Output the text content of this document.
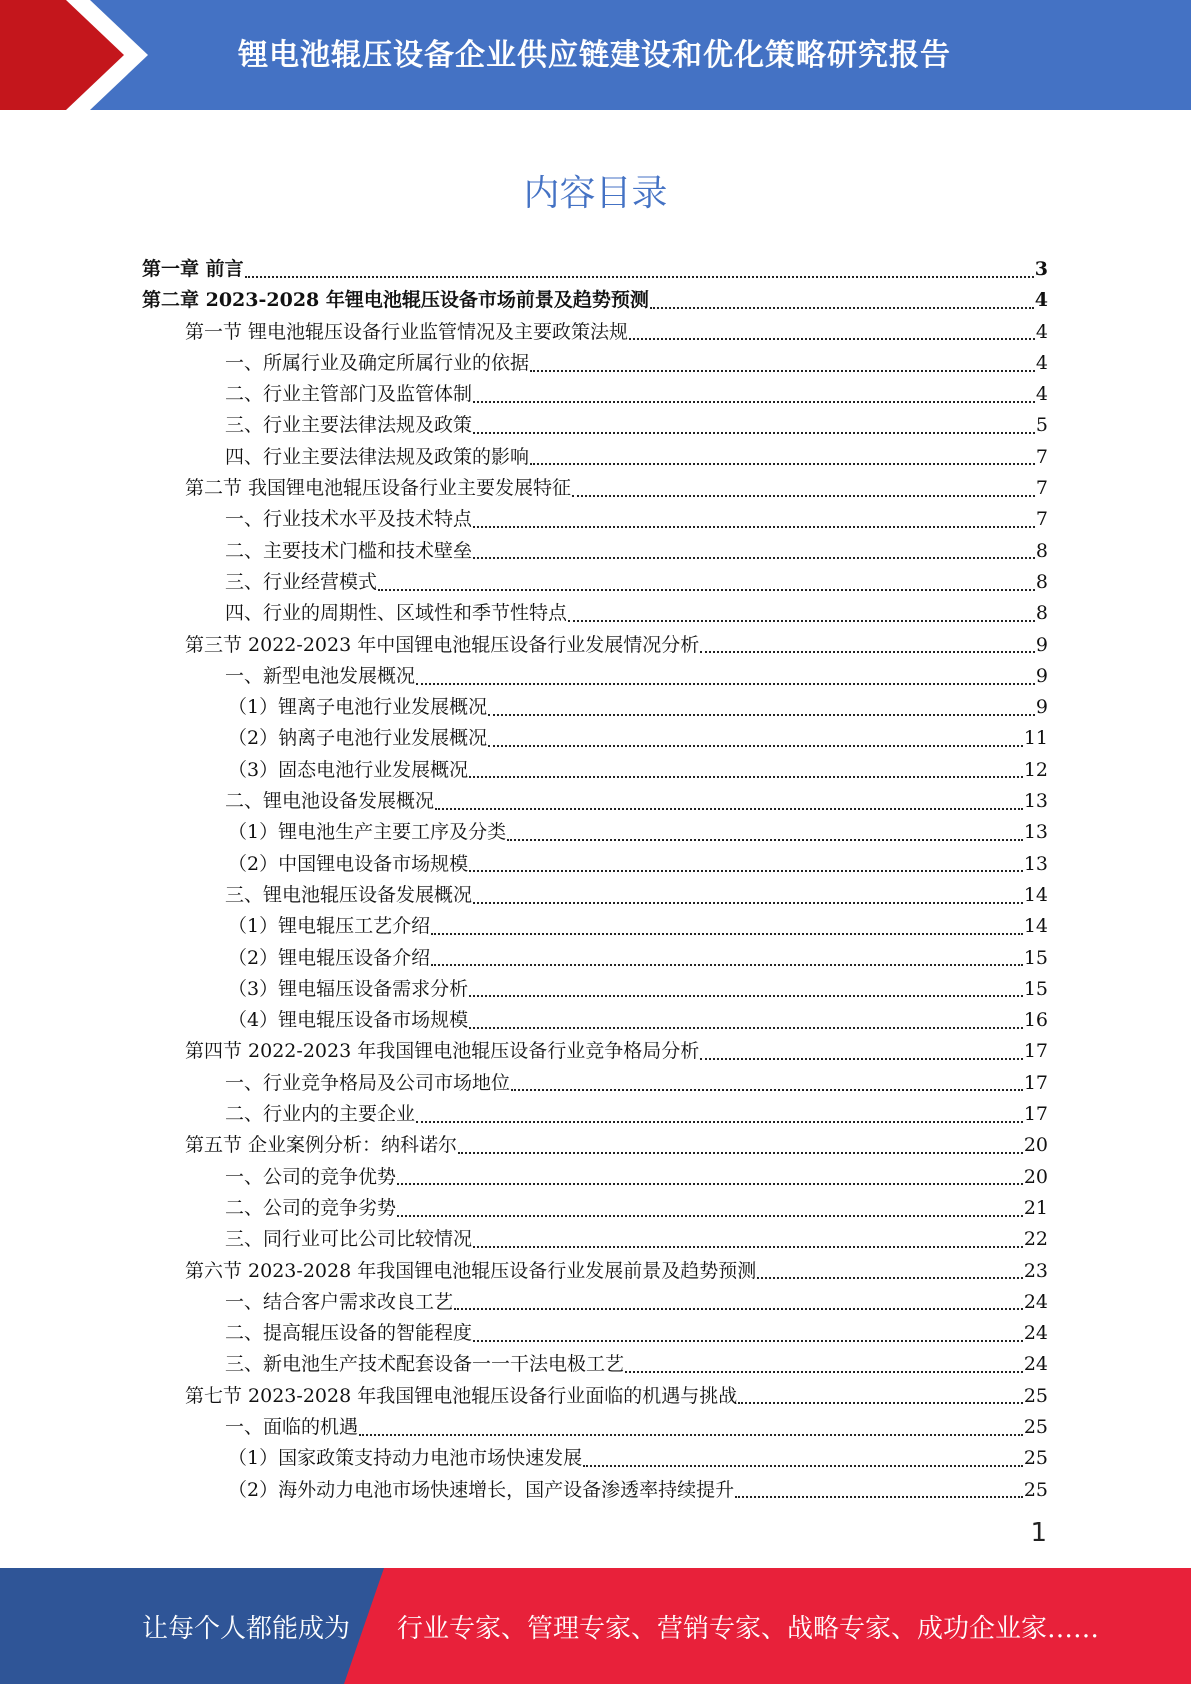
锂电池辊压设备企业供应链建设和优化策略研究报告
内容目录
第一章 前言	3
第二章 2023-2028 年锂电池辊压设备市场前景及趋势预测	4
第一节 锂电池辊压设备行业监管情况及主要政策法规	4
一、所属行业及确定所属行业的依据	4
二、行业主管部门及监管体制	4
三、行业主要法律法规及政策	5
四、行业主要法律法规及政策的影响	7
第二节 我国锂电池辊压设备行业主要发展特征	7
一、行业技术水平及技术特点	7
二、主要技术门槛和技术壁垒	8
三、行业经营模式	8
四、行业的周期性、区域性和季节性特点	8
第三节 2022-2023 年中国锂电池辊压设备行业发展情况分析	9
一、新型电池发展概况	9
（1）锂离子电池行业发展概况	9
（2）钠离子电池行业发展概况	11
（3）固态电池行业发展概况	12
二、锂电池设备发展概况	13
（1）锂电池生产主要工序及分类	13
（2）中国锂电设备市场规模	13
三、锂电池辊压设备发展概况	14
（1）锂电辊压工艺介绍	14
（2）锂电辊压设备介绍	15
（3）锂电辐压设备需求分析	15
（4）锂电辊压设备市场规模	16
第四节 2022-2023 年我国锂电池辊压设备行业竞争格局分析	17
一、行业竞争格局及公司市场地位	17
二、行业内的主要企业	17
第五节 企业案例分析：纳科诺尔	20
一、公司的竞争优势	20
二、公司的竞争劣势	21
三、同行业可比公司比较情况	22
第六节 2023-2028 年我国锂电池辊压设备行业发展前景及趋势预测	23
一、结合客户需求改良工艺	24
二、提高辊压设备的智能程度	24
三、新电池生产技术配套设备一一干法电极工艺	24
第七节 2023-2028 年我国锂电池辊压设备行业面临的机遇与挑战	25
一、面临的机遇	25
（1）国家政策支持动力电池市场快速发展	25
（2）海外动力电池市场快速增长，国产设备渗透率持续提升	25
1
让每个人都能成为 行业专家、管理专家、营销专家、战略专家、成功企业家……
